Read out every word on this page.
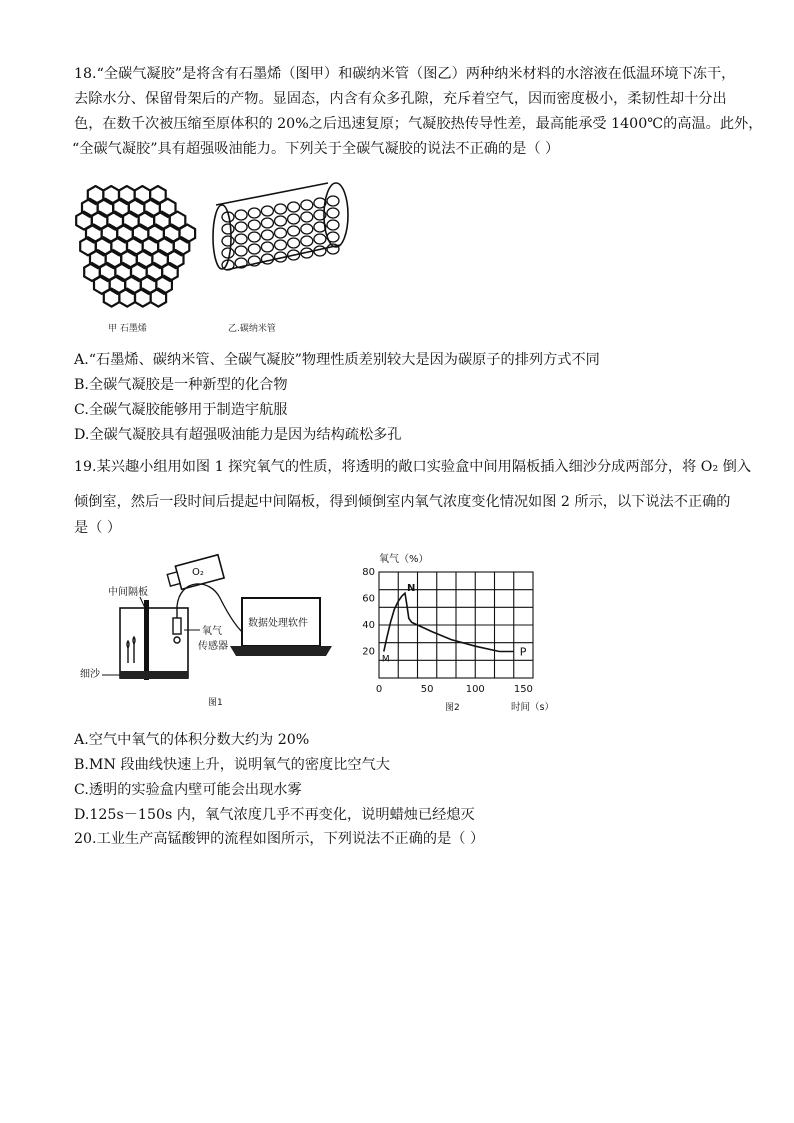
18.“全碳气凝胶”是将含有石墨烯（图甲）和碳纳米管（图乙）两种纳米材料的水溶液在低温环境下冻干，
去除水分、保留骨架后的产物。显固态，内含有众多孔隙，充斥着空气，因而密度极小，柔韧性却十分出
色，在数千次被压缩至原体积的 20%之后迅速复原；气凝胶热传导性差，最高能承受 1400℃的高温。此外，
“全碳气凝胶”具有超强吸油能力。下列关于全碳气凝胶的说法不正确的是（ ）
甲 石墨烯	乙.碳纳米管
A.“石墨烯、碳纳米管、全碳气凝胶”物理性质差别较大是因为碳原子的排列方式不同
B.全碳气凝胶是一种新型的化合物
C.全碳气凝胶能够用于制造宇航服
D.全碳气凝胶具有超强吸油能力是因为结构疏松多孔
19.某兴趣小组用如图 1 探究氧气的性质，将透明的敞口实验盒中间用隔板插入细沙分成两部分，将 O₂ 倒入
倾倒室，然后一段时间后提起中间隔板，得到倾倒室内氧气浓度变化情况如图 2 所示，以下说法不正确的
是（ ）
O₂
中间隔板
氧气
传感器
细沙
数据处理软件
图1
氧气（%）
20
40
60
80
0	50	100	150
M
N
P
时间（s）
图2
A.空气中氧气的体积分数大约为 20%
B.MN 段曲线快速上升，说明氧气的密度比空气大
C.透明的实验盒内壁可能会出现水雾
D.125s－150s 内，氧气浓度几乎不再变化，说明蜡烛已经熄灭
20.工业生产高锰酸钾的流程如图所示，下列说法不正确的是（ ）
